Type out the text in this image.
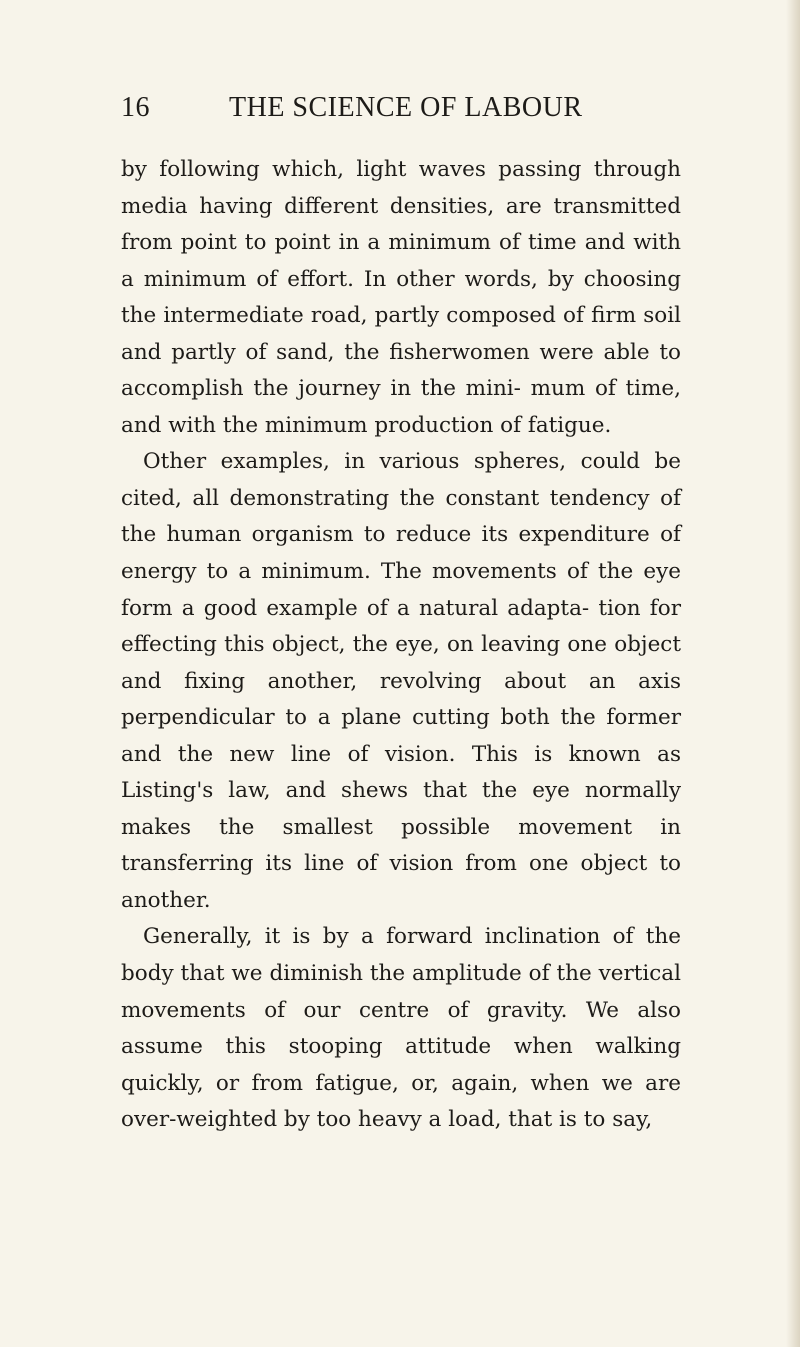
16	THE SCIENCE OF LABOUR

by following which, light waves passing through media having different densities, are transmitted from point to point in a minimum of time and with a minimum of effort. In other words, by choosing the intermediate road, partly composed of firm soil and partly of sand, the fisherwomen were able to accomplish the journey in the mini- mum of time, and with the minimum production of fatigue.

Other examples, in various spheres, could be cited, all demonstrating the constant tendency of the human organism to reduce its expenditure of energy to a minimum. The movements of the eye form a good example of a natural adapta- tion for effecting this object, the eye, on leaving one object and fixing another, revolving about an axis perpendicular to a plane cutting both the former and the new line of vision. This is known as Listing's law, and shews that the eye normally makes the smallest possible movement in transferring its line of vision from one object to another.

Generally, it is by a forward inclination of the body that we diminish the amplitude of the vertical movements of our centre of gravity. We also assume this stooping attitude when walking quickly, or from fatigue, or, again, when we are over-weighted by too heavy a load, that is to say,
